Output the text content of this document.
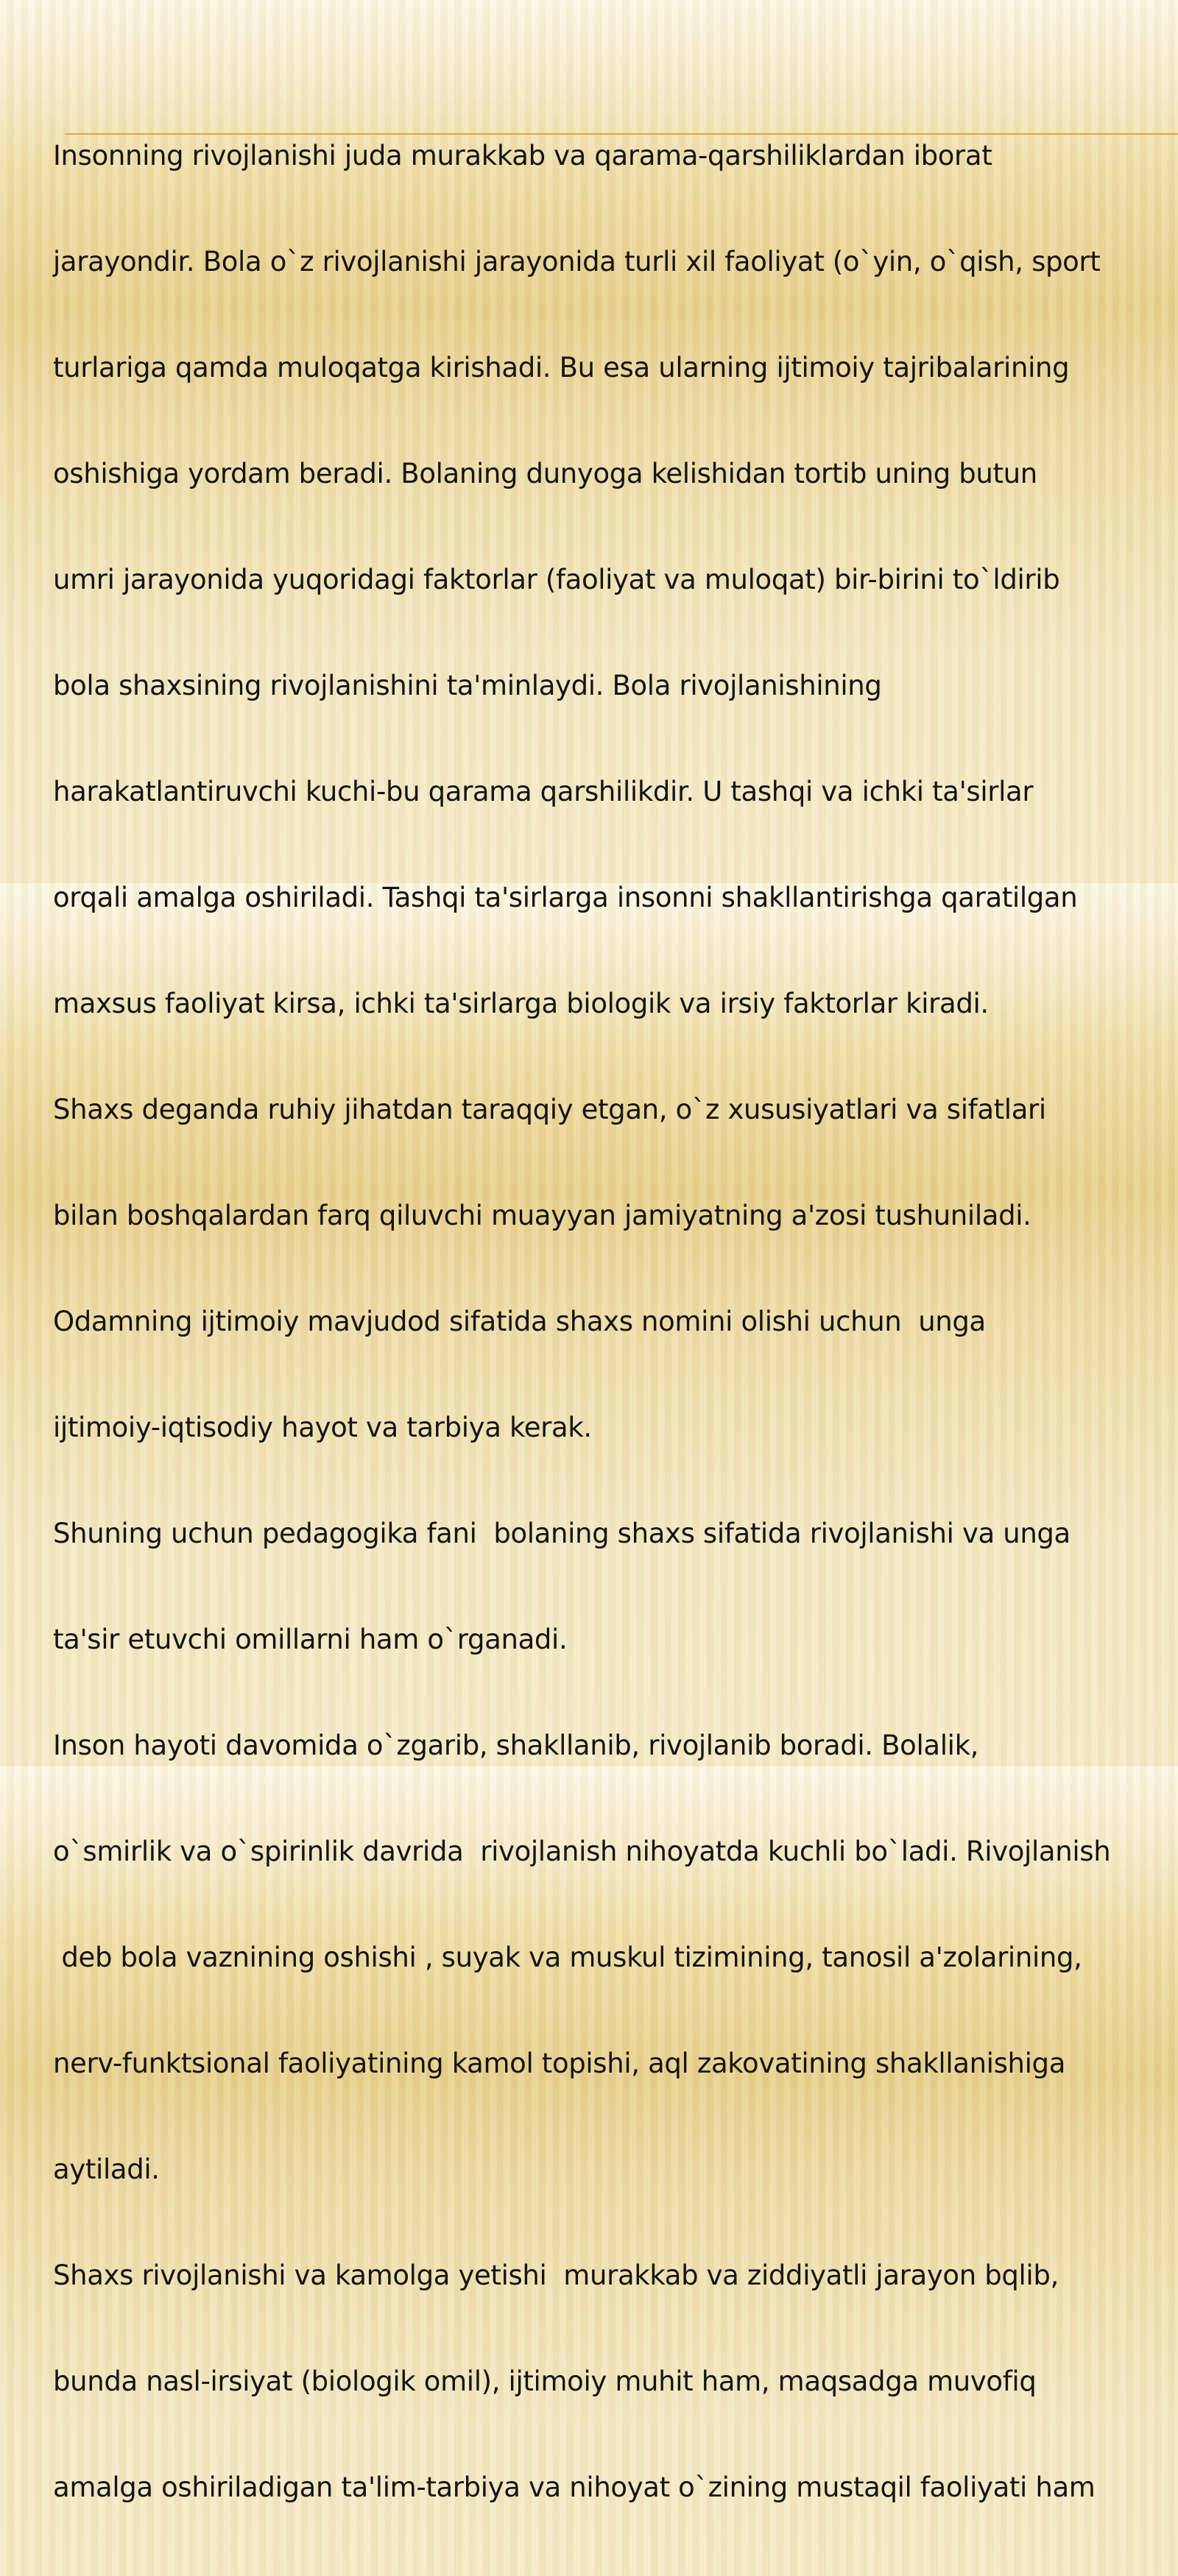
Insonning rivojlanishi juda murakkab va qarama-qarshiliklardan iborat

jarayondir. Bola o`z rivojlanishi jarayonida turli xil faoliyat (o`yin, o`qish, sport

turlariga qamda muloqatga kirishadi. Bu esa ularning ijtimoiy tajribalarining

oshishiga yordam beradi. Bolaning dunyoga kelishidan tortib uning butun

umri jarayonida yuqoridagi faktorlar (faoliyat va muloqat) bir-birini to`ldirib

bola shaxsining rivojlanishini ta'minlaydi. Bola rivojlanishining

harakatlantiruvchi kuchi-bu qarama qarshilikdir. U tashqi va ichki ta'sirlar

orqali amalga oshiriladi. Tashqi ta'sirlarga insonni shakllantirishga qaratilgan

maxsus faoliyat kirsa, ichki ta'sirlarga biologik va irsiy faktorlar kiradi.

Shaxs deganda ruhiy jihatdan taraqqiy etgan, o`z xususiyatlari va sifatlari

bilan boshqalardan farq qiluvchi muayyan jamiyatning a'zosi tushuniladi.

Odamning ijtimoiy mavjudod sifatida shaxs nomini olishi uchun  unga

ijtimoiy-iqtisodiy hayot va tarbiya kerak.

Shuning uchun pedagogika fani  bolaning shaxs sifatida rivojlanishi va unga

ta'sir etuvchi omillarni ham o`rganadi.

Inson hayoti davomida o`zgarib, shakllanib, rivojlanib boradi. Bolalik,

o`smirlik va o`spirinlik davrida  rivojlanish nihoyatda kuchli bo`ladi. Rivojlanish

deb bola vaznining oshishi , suyak va muskul tizimining, tanosil a'zolarining,

nerv-funktsional faoliyatining kamol topishi, aql zakovatining shakllanishiga

aytiladi.

Shaxs rivojlanishi va kamolga yetishi  murakkab va ziddiyatli jarayon bqlib,

bunda nasl-irsiyat (biologik omil), ijtimoiy muhit ham, maqsadga muvofiq

amalga oshiriladigan ta'lim-tarbiya va nihoyat o`zining mustaqil faoliyati ham
